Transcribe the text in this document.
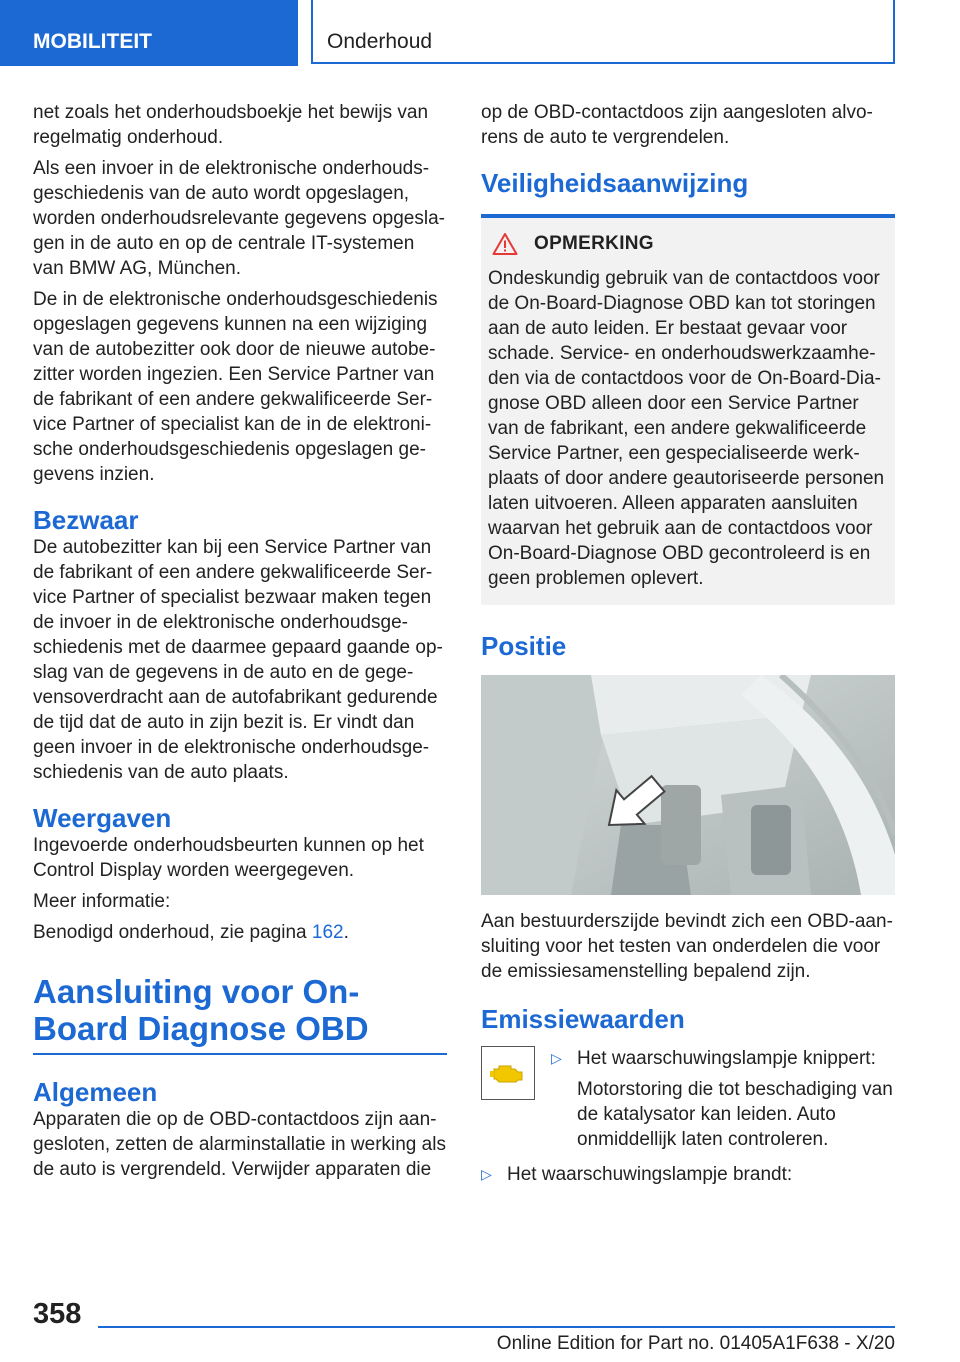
MOBILITEIT	Onderhoud

net zoals het onderhoudsboekje het bewijs van regelmatig onderhoud.

Als een invoer in de elektronische onderhoudsgeschiedenis van de auto wordt opgeslagen, worden onderhoudsrelevante gegevens opgeslagen in de auto en op de centrale IT-systemen van BMW AG, München.

De in de elektronische onderhoudsgeschiedenis opgeslagen gegevens kunnen na een wijziging van de autobezitter ook door de nieuwe autobezitter worden ingezien. Een Service Partner van de fabrikant of een andere gekwalificeerde Service Partner of specialist kan de in de elektronische onderhoudsgeschiedenis opgeslagen gegevens inzien.

Bezwaar

De autobezitter kan bij een Service Partner van de fabrikant of een andere gekwalificeerde Service Partner of specialist bezwaar maken tegen de invoer in de elektronische onderhoudsgeschiedenis met de daarmee gepaard gaande opslag van de gegevens in de auto en de gegevensoverdracht aan de autofabrikant gedurende de tijd dat de auto in zijn bezit is. Er vindt dan geen invoer in de elektronische onderhoudsgeschiedenis van de auto plaats.

Weergaven

Ingevoerde onderhoudsbeurten kunnen op het Control Display worden weergegeven.

Meer informatie:

Benodigd onderhoud, zie pagina 162.

Aansluiting voor On-Board Diagnose OBD
Algemeen

Apparaten die op de OBD-contactdoos zijn aangesloten, zetten de alarminstallatie in werking als de auto is vergrendeld. Verwijder apparaten die

op de OBD-contactdoos zijn aangesloten alvorens de auto te vergrendelen.

Veiligheidsaanwijzing
OPMERKING

Ondeskundig gebruik van de contactdoos voor de On-Board-Diagnose OBD kan tot storingen aan de auto leiden. Er bestaat gevaar voor schade. Service- en onderhoudswerkzaamheden via de contactdoos voor de On-Board-Diagnose OBD alleen door een Service Partner van de fabrikant, een andere gekwalificeerde Service Partner, een gespecialiseerde werkplaats of door andere geautoriseerde personen laten uitvoeren. Alleen apparaten aansluiten waarvan het gebruik aan de contactdoos voor On-Board-Diagnose OBD gecontroleerd is en geen problemen oplevert.

Positie

Aan bestuurderszijde bevindt zich een OBD-aansluiting voor het testen van onderdelen die voor de emissiesamenstelling bepalend zijn.

Emissiewaarden
▷ Het waarschuwingslampje knippert:

Motorstoring die tot beschadiging van de katalysator kan leiden. Auto onmiddellijk laten controleren.

▷ Het waarschuwingslampje brandt:
358
Online Edition for Part no. 01405A1F638 - X/20
